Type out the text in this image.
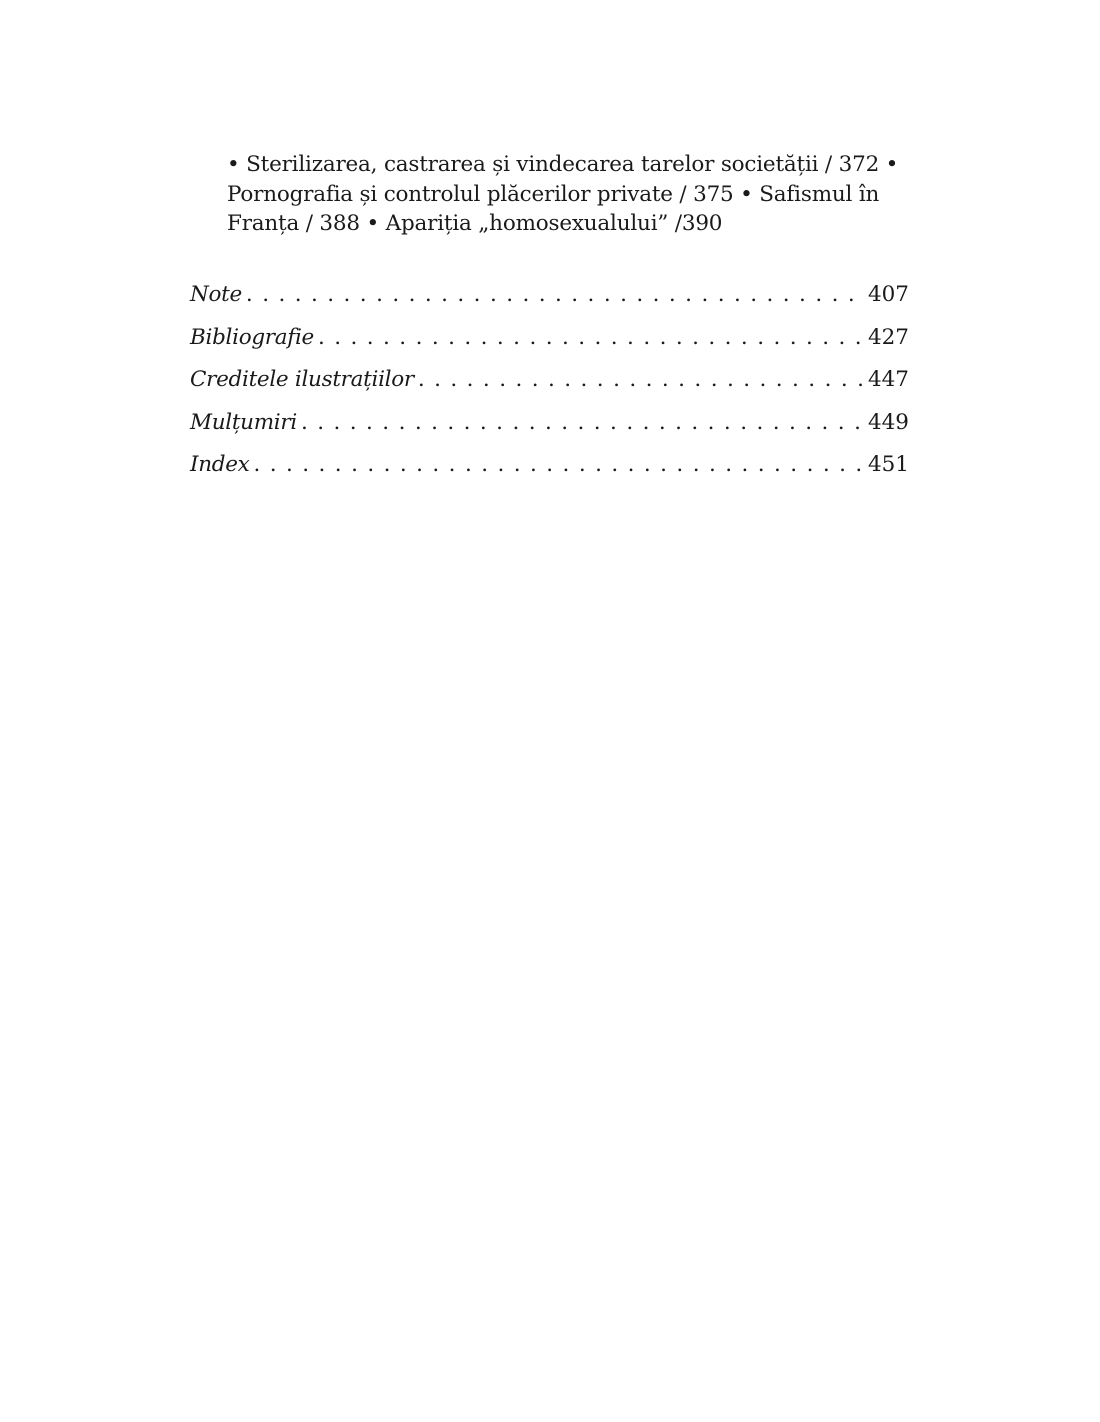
• Sterilizarea, castrarea și vindecarea tarelor societății / 372 •
Pornografia și controlul plăcerilor private / 375 • Safismul în
Franța / 388 • Apariția „homosexualului” /390
Note . . .	407
Bibliografie . . .	427
Creditele ilustrațiilor . . .	447
Mulțumiri . . .	449
Index . . .	451
